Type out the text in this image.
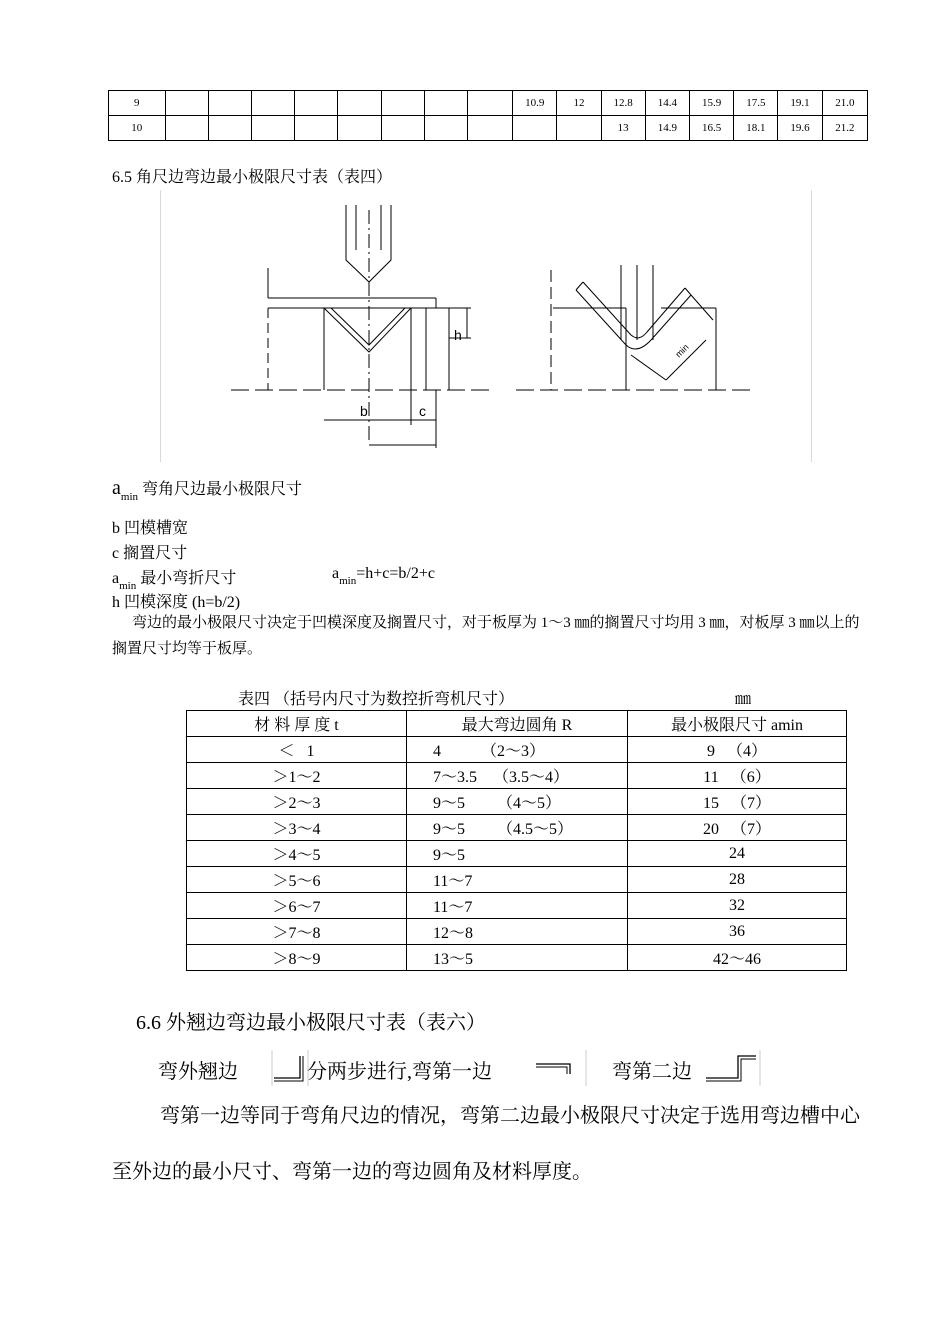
9									10.9	12	12.8	14.4	15.9	17.5	19.1	21.0
10											13	14.9	16.5	18.1	19.6	21.2
6.5 角尺边弯边最小极限尺寸表（表四）
h
b	c
min
$a_{min}$ 弯角尺边最小极限尺寸
b 凹模槽宽
c 搁置尺寸
$a_{min}$ 最小弯折尺寸	$a_{min}=h+c=b/2+c$
h 凹模深度 (h=b/2)
弯边的最小极限尺寸决定于凹模深度及搁置尺寸，对于板厚为 1～3 ㎜的搁置尺寸均用 3 ㎜，对板厚 3 ㎜以上的搁置尺寸均等于板厚。
表四 （括号内尺寸为数控折弯机尺寸）	㎜
材 料 厚 度 t	最大弯边圆角 R	最小极限尺寸 amin
＜   1	4          （2～3）	9   （4）
＞1～2	7～3.5    （3.5～4）	11   （6）
＞2～3	9～5        （4～5）	15   （7）
＞3～4	9～5        （4.5～5）	20   （7）
＞4～5	9～5	24
＞5～6	11～7	28
＞6～7	11～7	32
＞7～8	12～8	36
＞8～9	13～5	42～46
6.6 外翘边弯边最小极限尺寸表（表六）
弯外翘边	分两步进行,弯第一边	弯第二边
弯第一边等同于弯角尺边的情况，弯第二边最小极限尺寸决定于选用弯边槽中心至外边的最小尺寸、弯第一边的弯边圆角及材料厚度。
